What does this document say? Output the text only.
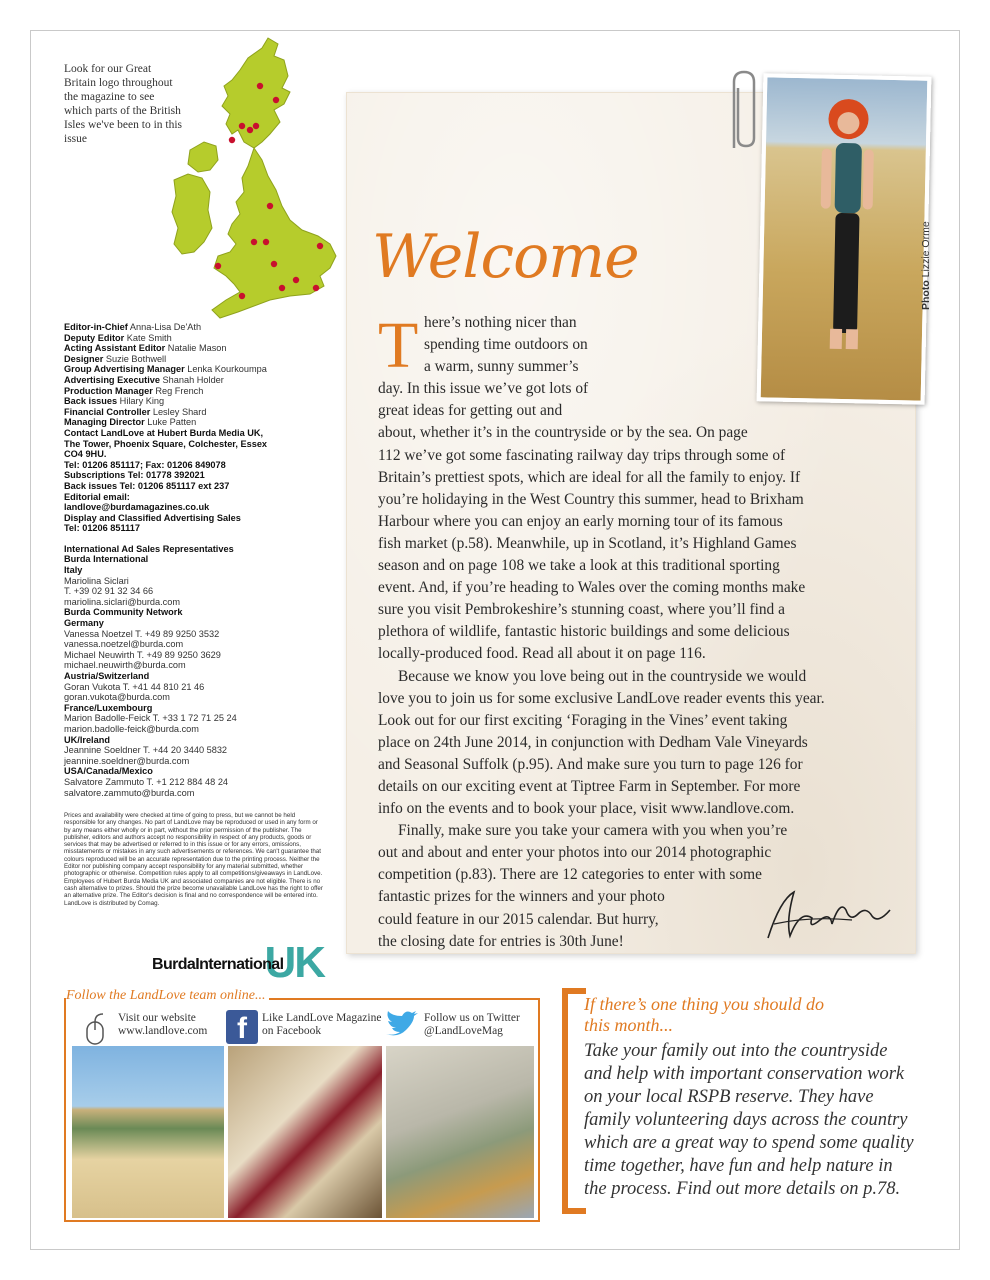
Look for our Great Britain logo throughout the magazine to see which parts of the British Isles we've been to in this issue
Editor-in-Chief Anna-Lisa De'Ath
Deputy Editor Kate Smith
Acting Assistant Editor Natalie Mason
Designer Suzie Bothwell
Group Advertising Manager Lenka Kourkoumpa
Advertising Executive Shanah Holder
Production Manager Reg French
Back issues Hilary King
Financial Controller Lesley Shard
Managing Director Luke Patten
Contact LandLove at Hubert Burda Media UK,
The Tower, Phoenix Square, Colchester, Essex
CO4 9HU.
Tel: 01206 851117; Fax: 01206 849078
Subscriptions Tel: 01778 392021
Back issues Tel: 01206 851117 ext 237
Editorial email:
landlove@burdamagazines.co.uk
Display and Classified Advertising Sales
Tel: 01206 851117
International Ad Sales Representatives
Burda International
Italy
Mariolina Siclari
T. +39 02 91 32 34 66
mariolina.siclari@burda.com
Burda Community Network
Germany
Vanessa Noetzel T. +49 89 9250 3532
vanessa.noetzel@burda.com
Michael Neuwirth T. +49 89 9250 3629
michael.neuwirth@burda.com
Austria/Switzerland
Goran Vukota T. +41 44 810 21 46
goran.vukota@burda.com
France/Luxembourg
Marion Badolle-Feick T. +33 1 72 71 25 24
marion.badolle-feick@burda.com
UK/Ireland
Jeannine Soeldner T. +44 20 3440 5832
jeannine.soeldner@burda.com
USA/Canada/Mexico
Salvatore Zammuto T. +1 212 884 48 24
salvatore.zammuto@burda.com
Prices and availability were checked at time of going to press, but we cannot be held responsible for any changes. No part of LandLove may be reproduced or used in any form or by any means either wholly or in part, without the prior permission of the publisher. The publisher, editors and authors accept no responsibility in respect of any products, goods or services that may be advertised or referred to in this issue or for any errors, omissions, misstatements or mistakes in any such advertisements or references. We can't guarantee that colours reproduced will be an accurate representation due to the printing process. Neither the Editor nor publishing company accept responsibility for any material submitted, whether photographic or otherwise. Competition rules apply to all competitions/giveaways in LandLove. Employees of Hubert Burda Media UK and associated companies are not eligible. There is no cash alternative to prizes. Should the prize become unavailable LandLove has the right to offer an alternative prize. The Editor's decision is final and no correspondence will be entered into. LandLove is distributed by Comag.
UK
BurdaInternational
Photo Lizzie Orme
Welcome
T here’s nothing nicer than
spending time outdoors on
a warm, sunny summer’s
day. In this issue we’ve got lots of
great ideas for getting out and
about, whether it’s in the countryside or by the sea. On page
112 we’ve got some fascinating railway day trips through some of
Britain’s prettiest spots, which are ideal for all the family to enjoy. If
you’re holidaying in the West Country this summer, head to Brixham
Harbour where you can enjoy an early morning tour of its famous
fish market (p.58). Meanwhile, up in Scotland, it’s Highland Games
season and on page 108 we take a look at this traditional sporting
event. And, if you’re heading to Wales over the coming months make
sure you visit Pembrokeshire’s stunning coast, where you’ll find a
plethora of wildlife, fantastic historic buildings and some delicious
locally-produced food. Read all about it on page 116.
Because we know you love being out in the countryside we would
love you to join us for some exclusive LandLove reader events this year.
Look out for our first exciting ‘Foraging in the Vines’ event taking
place on 24th June 2014, in conjunction with Dedham Vale Vineyards
and Seasonal Suffolk (p.95). And make sure you turn to page 126 for
details on our exciting event at Tiptree Farm in September. For more
info on the events and to book your place, visit www.landlove.com.
Finally, make sure you take your camera with you when you’re
out and about and enter your photos into our 2014 photographic
competition (p.83). There are 12 categories to enter with some
fantastic prizes for the winners and your photo
could feature in our 2015 calendar. But hurry,
the closing date for entries is 30th June!
Follow the LandLove team online...
Visit our website
www.landlove.com f Like LandLove Magazine
on Facebook
Follow us on Twitter
@LandLoveMag
If there’s one thing you should do
this month...
Take your family out into the countryside
and help with important conservation work
on your local RSPB reserve. They have
family volunteering days across the country
which are a great way to spend some quality
time together, have fun and help nature in
the process. Find out more details on p.78.
